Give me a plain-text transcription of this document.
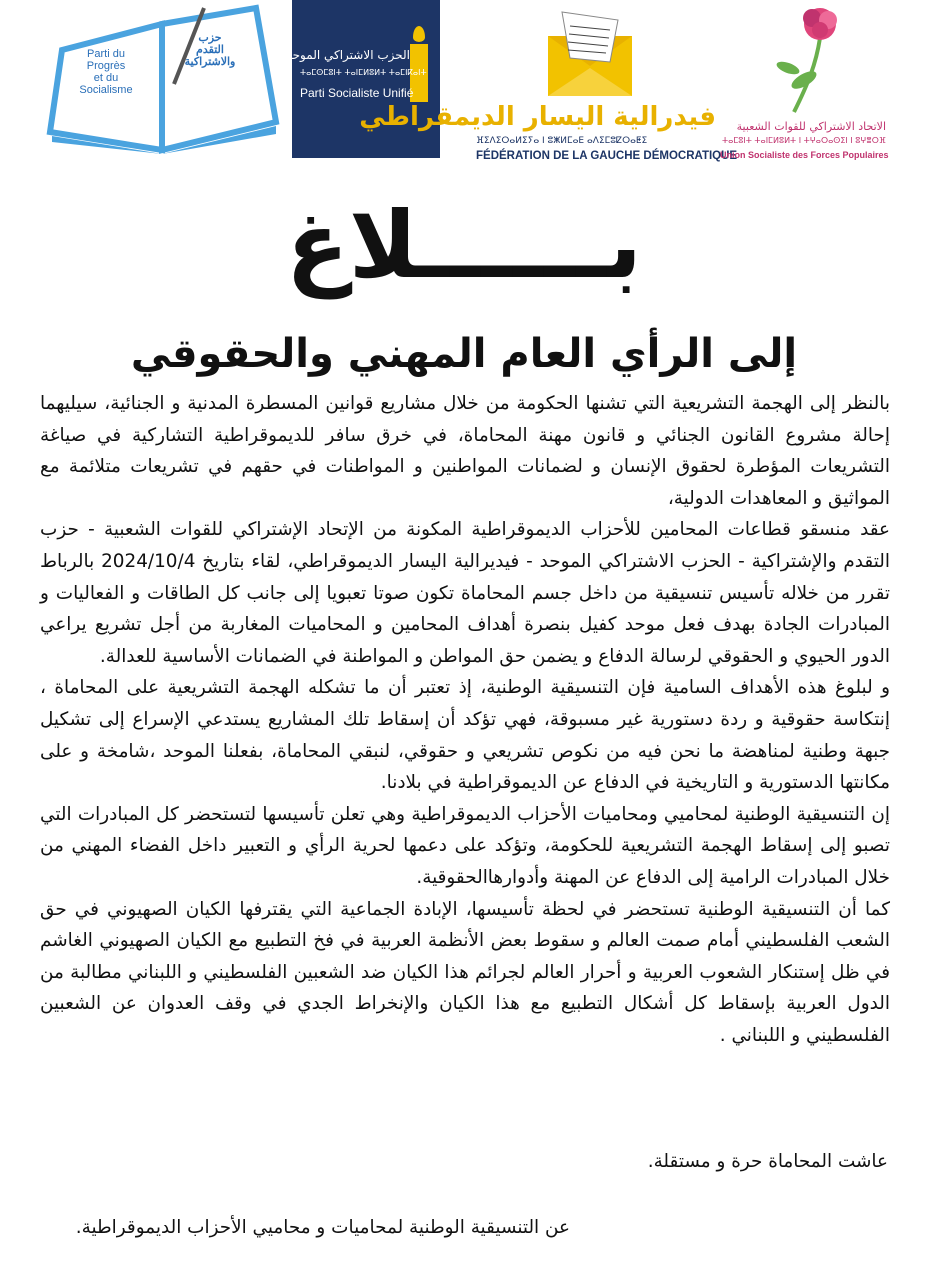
Parti du
Progrès
et du
Socialisme
حزب
التقدم
والاشتراكية	الحزب الاشتراكي الموحد
ⵜⴰⵎⵙⵎⵓⵏⵜ ⵜⴰⵏⵎⵍⵓⵍⵜ ⵜⴰⵎⵏⴽⴰⵏⵜ
Parti Socialiste Unifié
فيدرالية اليسار الديمقراطي
ⴼⵉⴷⵉⵔⴰⵍⵉⵢⴰ ⵏ ⵓⵥⵍⵎⴰⴹ ⴰⴷⵉⵎⵓⵇⵔⴰⵟⵉ
FÉDÉRATION DE LA GAUCHE DÉMOCRATIQUE
الاتحاد الاشتراكي للقوات الشعبية
ⵜⴰⵎⵓⵏⵜ ⵜⴰⵏⵎⵍⵓⵍⵜ ⵏ ⵜⵖⴰⵔⴰⵙⵉⵏ ⵏ ⵓⵖⴻⵔⴼ
Union Socialiste des Forces Populaires
بــــــلاغ
إلى الرأي العام المهني والحقوقي

بالنظر إلى الهجمة التشريعية التي تشنها الحكومة من خلال مشاريع قوانين المسطرة المدنية و الجنائية، سيليهما إحالة مشروع القانون الجنائي و قانون مهنة المحاماة، في خرق سافر للديموقراطية التشاركية في صياغة التشريعات المؤطرة لحقوق الإنسان و لضمانات المواطنين و المواطنات في حقهم في تشريعات متلائمة مع المواثيق و المعاهدات الدولية،

عقد منسقو قطاعات المحامين للأحزاب الديموقراطية المكونة من الإتحاد الإشتراكي للقوات الشعبية - حزب التقدم والإشتراكية - الحزب الاشتراكي الموحد - فيديرالية اليسار الديموقراطي، لقاء بتاريخ 2024/10/4 بالرباط تقرر من خلاله تأسيس تنسيقية من داخل جسم المحاماة تكون صوتا تعبويا إلى جانب كل الطاقات و الفعاليات و المبادرات الجادة بهدف فعل موحد كفيل بنصرة أهداف المحامين و المحاميات المغاربة من أجل تشريع يراعي الدور الحيوي و الحقوقي لرسالة الدفاع و يضمن حق المواطن و المواطنة في الضمانات الأساسية للعدالة.

و لبلوغ هذه الأهداف السامية فإن التنسيقية الوطنية، إذ تعتبر أن ما تشكله الهجمة التشريعية على المحاماة ، إنتكاسة حقوقية و ردة دستورية غير مسبوقة، فهي تؤكد أن إسقاط تلك المشاريع يستدعي الإسراع إلى تشكيل جبهة وطنية لمناهضة ما نحن فيه من نكوص تشريعي و حقوقي، لنبقي المحاماة، بفعلنا الموحد ،شامخة و على مكانتها الدستورية و التاريخية في الدفاع عن الديموقراطية في بلادنا.

إن التنسيقية الوطنية لمحاميي ومحاميات الأحزاب الديموقراطية وهي تعلن تأسيسها لتستحضر كل المبادرات التي تصبو إلى إسقاط الهجمة التشريعية للحكومة، وتؤكد على دعمها لحرية الرأي و التعبير داخل الفضاء المهني من خلال المبادرات الرامية إلى الدفاع عن المهنة وأدوارهاالحقوقية.

كما أن التنسيقية الوطنية تستحضر في لحظة تأسيسها، الإبادة الجماعية التي يقترفها الكيان الصهيوني في حق الشعب الفلسطيني أمام صمت العالم و سقوط بعض الأنظمة العربية في فخ التطبيع مع الكيان الصهيوني الغاشم في ظل إستنكار الشعوب العربية و أحرار العالم لجرائم هذا الكيان ضد الشعبين الفلسطيني و اللبناني مطالبة من الدول العربية بإسقاط كل أشكال التطبيع مع هذا الكيان والإنخراط الجدي في وقف العدوان عن الشعبين الفلسطيني و اللبناني .

عاشت المحاماة حرة و مستقلة.
عن التنسيقية الوطنية لمحاميات و محاميي الأحزاب الديموقراطية.
